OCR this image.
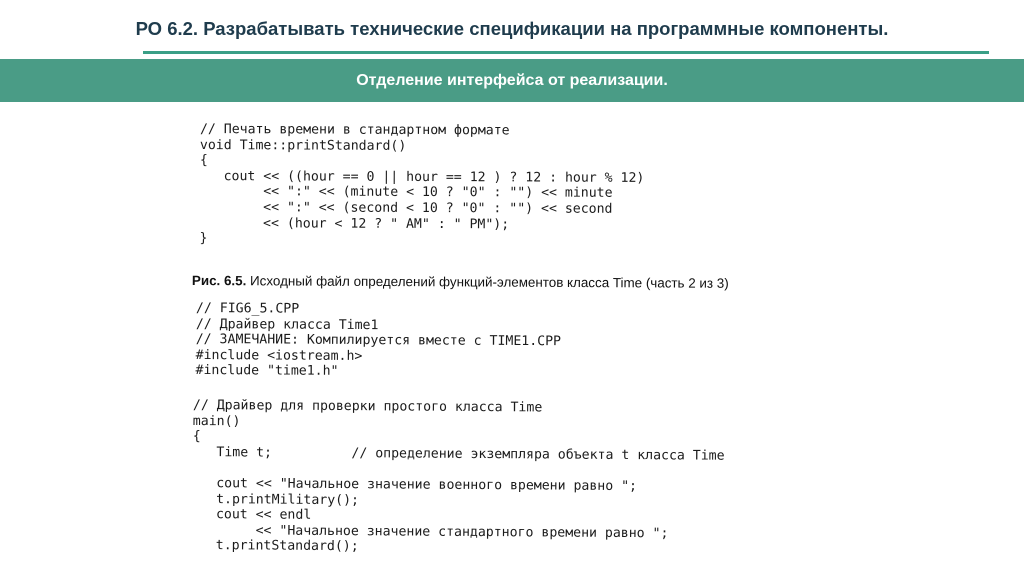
РО 6.2. Разрабатывать технические спецификации на программные компоненты.
Отделение интерфейса от реализации.
// Печать времени в стандартном формате
void Time::printStandard()
{
cout << ((hour == 0 || hour == 12 ) ? 12 : hour % 12)
<< ":" << (minute < 10 ? "0" : "") << minute
<< ":" << (second < 10 ? "0" : "") << second
<< (hour < 12 ? " AM" : " PM");
}
Рис. 6.5. Исходный файл определений функций-элементов класса Time (часть 2 из 3)
// FIG6_5.CPP
// Драйвер класса Time1
// ЗАМЕЧАНИЕ: Компилируется вместе с TIME1.CPP
#include <iostream.h>
#include "time1.h"
// Драйвер для проверки простого класса Time
main()
{
Time t;          // определение экземпляра объекта t класса Time
cout << "Начальное значение военного времени равно ";
t.printMilitary();
cout << endl
<< "Начальное значение стандартного времени равно ";
t.printStandard();
